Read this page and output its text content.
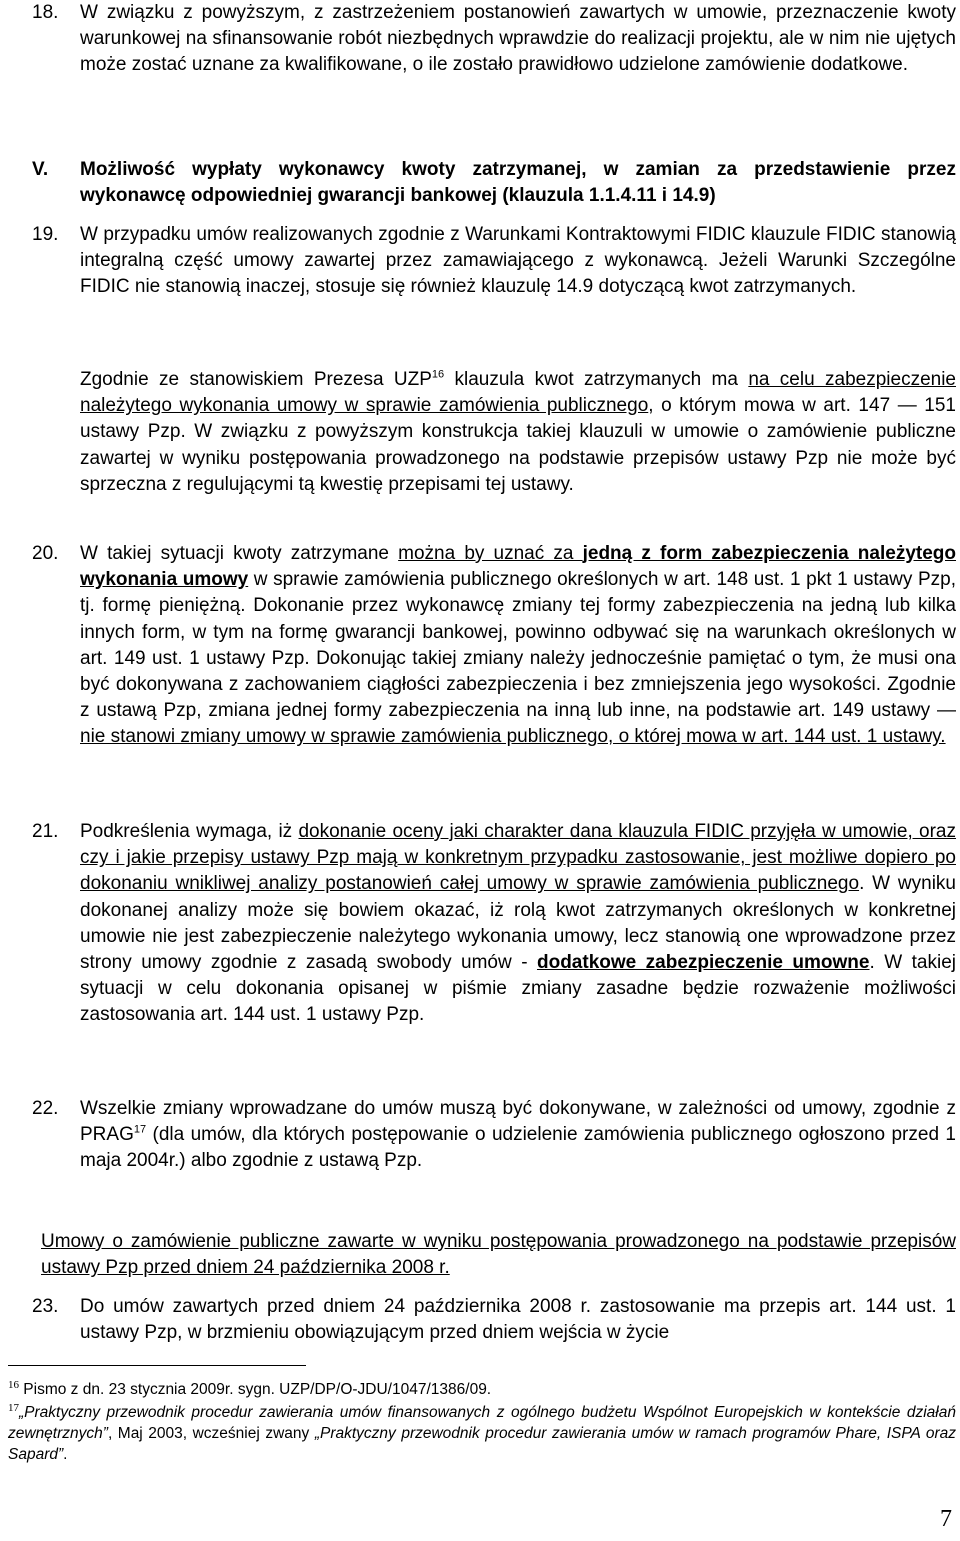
18. W związku z powyższym, z zastrzeżeniem postanowień zawartych w umowie, przeznaczenie kwoty warunkowej na sfinansowanie robót niezbędnych wprawdzie do realizacji projektu, ale w nim nie ujętych może zostać uznane za kwalifikowane, o ile zostało prawidłowo udzielone zamówienie dodatkowe.

V. Możliwość wypłaty wykonawcy kwoty zatrzymanej, w zamian za przedstawienie przez wykonawcę odpowiedniej gwarancji bankowej (klauzula 1.1.4.11 i 14.9)

19. W przypadku umów realizowanych zgodnie z Warunkami Kontraktowymi FIDIC klauzule FIDIC stanowią integralną część umowy zawartej przez zamawiającego z wykonawcą. Jeżeli Warunki Szczególne FIDIC nie stanowią inaczej, stosuje się również klauzulę 14.9 dotyczącą kwot zatrzymanych.

Zgodnie ze stanowiskiem Prezesa UZP$^{16}$ klauzula kwot zatrzymanych ma na celu zabezpieczenie należytego wykonania umowy w sprawie zamówienia publicznego, o którym mowa w art. 147 — 151 ustawy Pzp. W związku z powyższym konstrukcja takiej klauzuli w umowie o zamówienie publiczne zawartej w wyniku postępowania prowadzonego na podstawie przepisów ustawy Pzp nie może być sprzeczna z regulującymi tą kwestię przepisami tej ustawy.

20. W takiej sytuacji kwoty zatrzymane można by uznać za jedną z form zabezpieczenia należytego wykonania umowy w sprawie zamówienia publicznego określonych w art. 148 ust. 1 pkt 1 ustawy Pzp, tj. formę pieniężną. Dokonanie przez wykonawcę zmiany tej formy zabezpieczenia na jedną lub kilka innych form, w tym na formę gwarancji bankowej, powinno odbywać się na warunkach określonych w art. 149 ust. 1 ustawy Pzp. Dokonując takiej zmiany należy jednocześnie pamiętać o tym, że musi ona być dokonywana z zachowaniem ciągłości zabezpieczenia i bez zmniejszenia jego wysokości. Zgodnie z ustawą Pzp, zmiana jednej formy zabezpieczenia na inną lub inne, na podstawie art. 149 ustawy — nie stanowi zmiany umowy w sprawie zamówienia publicznego, o której mowa w art. 144 ust. 1 ustawy.

21. Podkreślenia wymaga, iż dokonanie oceny jaki charakter dana klauzula FIDIC przyjęła w umowie, oraz czy i jakie przepisy ustawy Pzp mają w konkretnym przypadku zastosowanie, jest możliwe dopiero po dokonaniu wnikliwej analizy postanowień całej umowy w sprawie zamówienia publicznego. W wyniku dokonanej analizy może się bowiem okazać, iż rolą kwot zatrzymanych określonych w konkretnej umowie nie jest zabezpieczenie należytego wykonania umowy, lecz stanowią one wprowadzone przez strony umowy zgodnie z zasadą swobody umów - dodatkowe zabezpieczenie umowne. W takiej sytuacji w celu dokonania opisanej w piśmie zmiany zasadne będzie rozważenie możliwości zastosowania art. 144 ust. 1 ustawy Pzp.

22. Wszelkie zmiany wprowadzane do umów muszą być dokonywane, w zależności od umowy, zgodnie z PRAG$^{17}$ (dla umów, dla których postępowanie o udzielenie zamówienia publicznego ogłoszono przed 1 maja 2004r.) albo zgodnie z ustawą Pzp.

Umowy o zamówienie publiczne zawarte w wyniku postępowania prowadzonego na podstawie przepisów ustawy Pzp przed dniem 24 października 2008 r.

23. Do umów zawartych przed dniem 24 października 2008 r. zastosowanie ma przepis art. 144 ust. 1 ustawy Pzp, w brzmieniu obowiązującym przed dniem wejścia w życie

$^{16}$ Pismo z dn. 23 stycznia 2009r. sygn. UZP/DP/O-JDU/1047/1386/09.

$^{17}$„Praktyczny przewodnik procedur zawierania umów finansowanych z ogólnego budżetu Wspólnot Europejskich w kontekście działań zewnętrznych”, Maj 2003, wcześniej zwany „Praktyczny przewodnik procedur zawierania umów w ramach programów Phare, ISPA oraz Sapard”.

7
